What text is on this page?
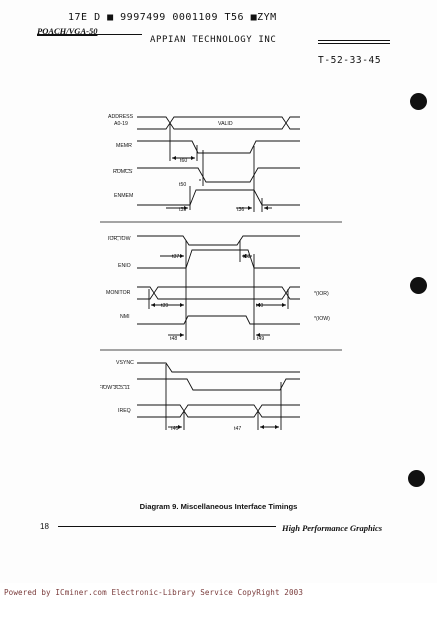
17E D ■ 9997499 0001109 T56 ■ZYM
POACH/VGA-50
APPIAN TECHNOLOGY INC
T-52-33-45
ADDRESS
A0-19	VALID
MEMR
ROMCS
ENMEM
t60
t50
t35	t36
IOR, IOW
ENIO
MONITOR
NMI
t37	t38
t39	t40
t48	t49
*(IOR)
*(IOW)
VSYNC
-IOW 3C5.11
IREQ
t46	t47
Diagram 9. Miscellaneous Interface Timings
18	High Performance Graphics
Powered by ICminer.com Electronic-Library Service CopyRight 2003
